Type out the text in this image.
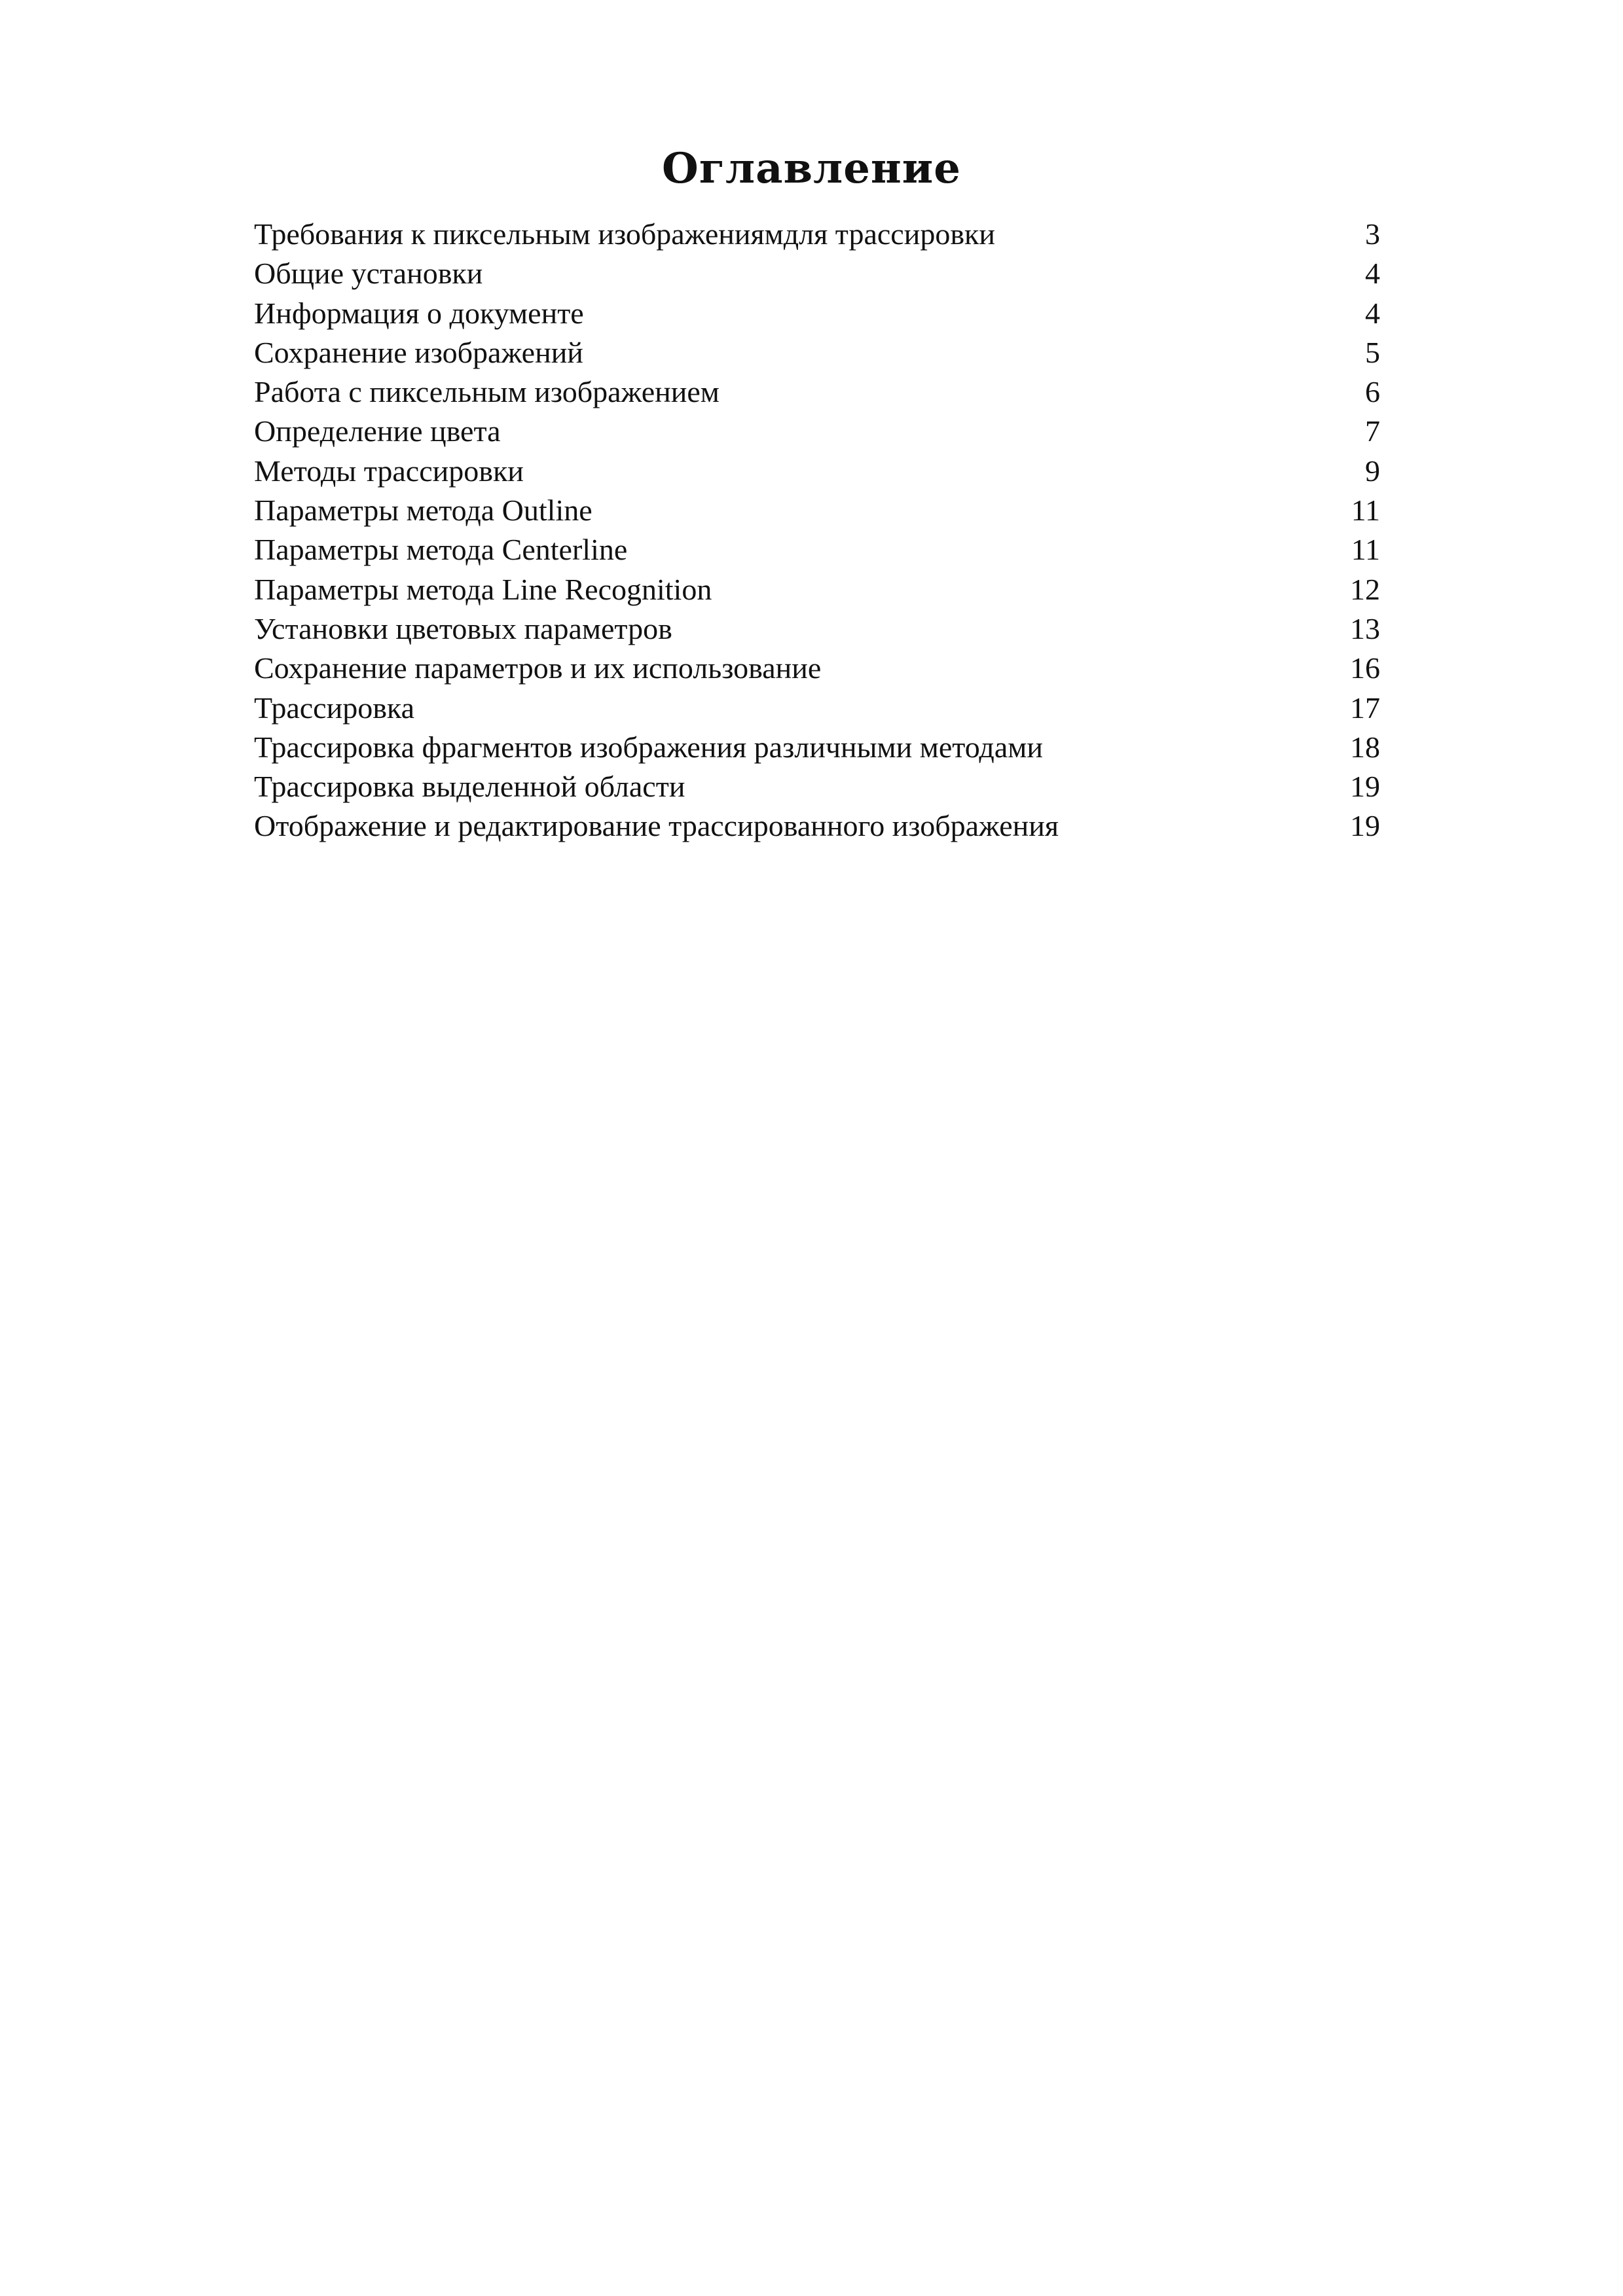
Оглавление
Требования к пиксельным изображениямдля трассировки	3
Общие установки	4
Информация о документе	4
Сохранение изображений	5
Работа с пиксельным изображением	6
Определение цвета	7
Методы трассировки	9
Параметры метода Outline	11
Параметры метода Centerline	11
Параметры метода Line Recognition	12
Установки цветовых параметров	13
Сохранение параметров и их использование	16
Трассировка	17
Трассировка фрагментов изображения различными методами	18
Трассировка выделенной области	19
Отображение и редактирование трассированного изображения	19
